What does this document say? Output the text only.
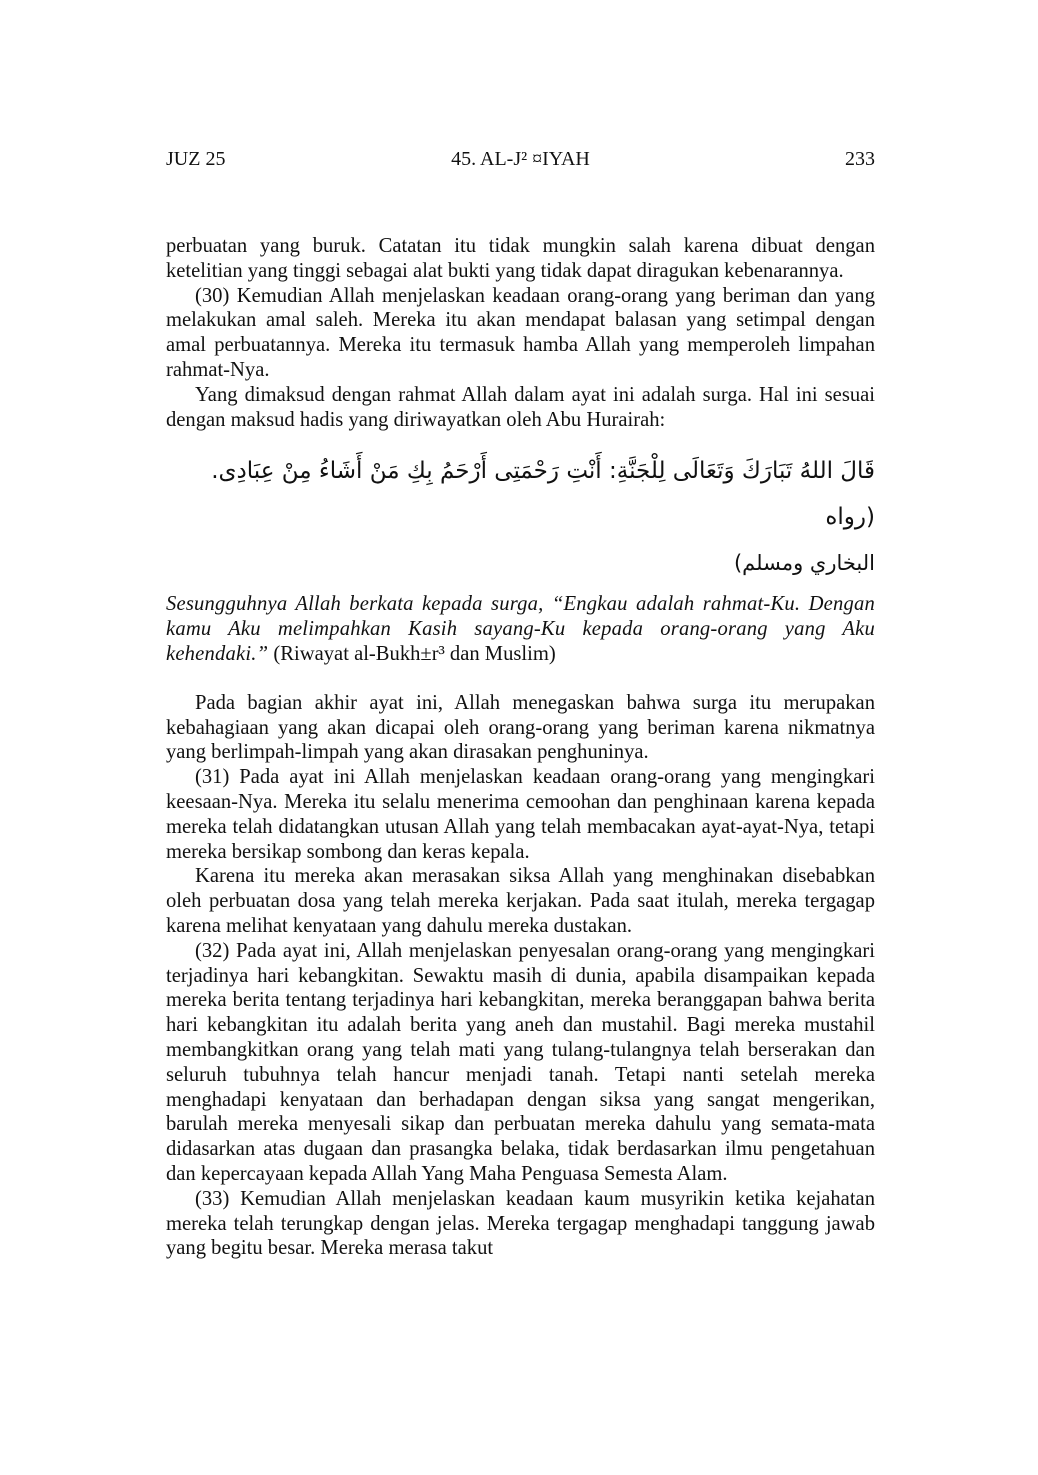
JUZ 25	45. AL-J² ¤IYAH	233

perbuatan yang buruk. Catatan itu tidak mungkin salah karena dibuat dengan ketelitian yang tinggi sebagai alat bukti yang tidak dapat diragukan kebenarannya.

(30) Kemudian Allah menjelaskan keadaan orang-orang yang beriman dan yang melakukan amal saleh. Mereka itu akan mendapat balasan yang setimpal dengan amal perbuatannya. Mereka itu termasuk hamba Allah yang memperoleh limpahan rahmat-Nya.

Yang dimaksud dengan rahmat Allah dalam ayat ini adalah surga. Hal ini sesuai dengan maksud hadis yang diriwayatkan oleh Abu Hurairah:

قَالَ اللهُ تَبَارَكَ وَتَعَالَى لِلْجَنَّةِ: أَنْتِ رَحْمَتِى أَرْحَمُ بِكِ مَنْ أَشَاءُ مِنْ عِبَادِى. (رواه
البخاري ومسلم)

Sesungguhnya Allah berkata kepada surga, “Engkau adalah rahmat-Ku. Dengan kamu Aku melimpahkan Kasih sayang-Ku kepada orang-orang yang Aku kehendaki.” (Riwayat al-Bukh±r³ dan Muslim)

Pada bagian akhir ayat ini, Allah menegaskan bahwa surga itu merupakan kebahagiaan yang akan dicapai oleh orang-orang yang beriman karena nikmatnya yang berlimpah-limpah yang akan dirasakan penghuninya.

(31) Pada ayat ini Allah menjelaskan keadaan orang-orang yang mengingkari keesaan-Nya. Mereka itu selalu menerima cemoohan dan penghinaan karena kepada mereka telah didatangkan utusan Allah yang telah membacakan ayat-ayat-Nya, tetapi mereka bersikap sombong dan keras kepala.

Karena itu mereka akan merasakan siksa Allah yang menghinakan disebabkan oleh perbuatan dosa yang telah mereka kerjakan. Pada saat itulah, mereka tergagap karena melihat kenyataan yang dahulu mereka dustakan.

(32) Pada ayat ini, Allah menjelaskan penyesalan orang-orang yang mengingkari terjadinya hari kebangkitan. Sewaktu masih di dunia, apabila disampaikan kepada mereka berita tentang terjadinya hari kebangkitan, mereka beranggapan bahwa berita hari kebangkitan itu adalah berita yang aneh dan mustahil. Bagi mereka mustahil membangkitkan orang yang telah mati yang tulang-tulangnya telah berserakan dan seluruh tubuhnya telah hancur menjadi tanah. Tetapi nanti setelah mereka menghadapi kenyataan dan berhadapan dengan siksa yang sangat mengerikan, barulah mereka menyesali sikap dan perbuatan mereka dahulu yang semata-mata didasarkan atas dugaan dan prasangka belaka, tidak berdasarkan ilmu pengetahuan dan kepercayaan kepada Allah Yang Maha Penguasa Semesta Alam.

(33) Kemudian Allah menjelaskan keadaan kaum musyrikin ketika kejahatan mereka telah terungkap dengan jelas. Mereka tergagap menghadapi tanggung jawab yang begitu besar. Mereka merasa takut
